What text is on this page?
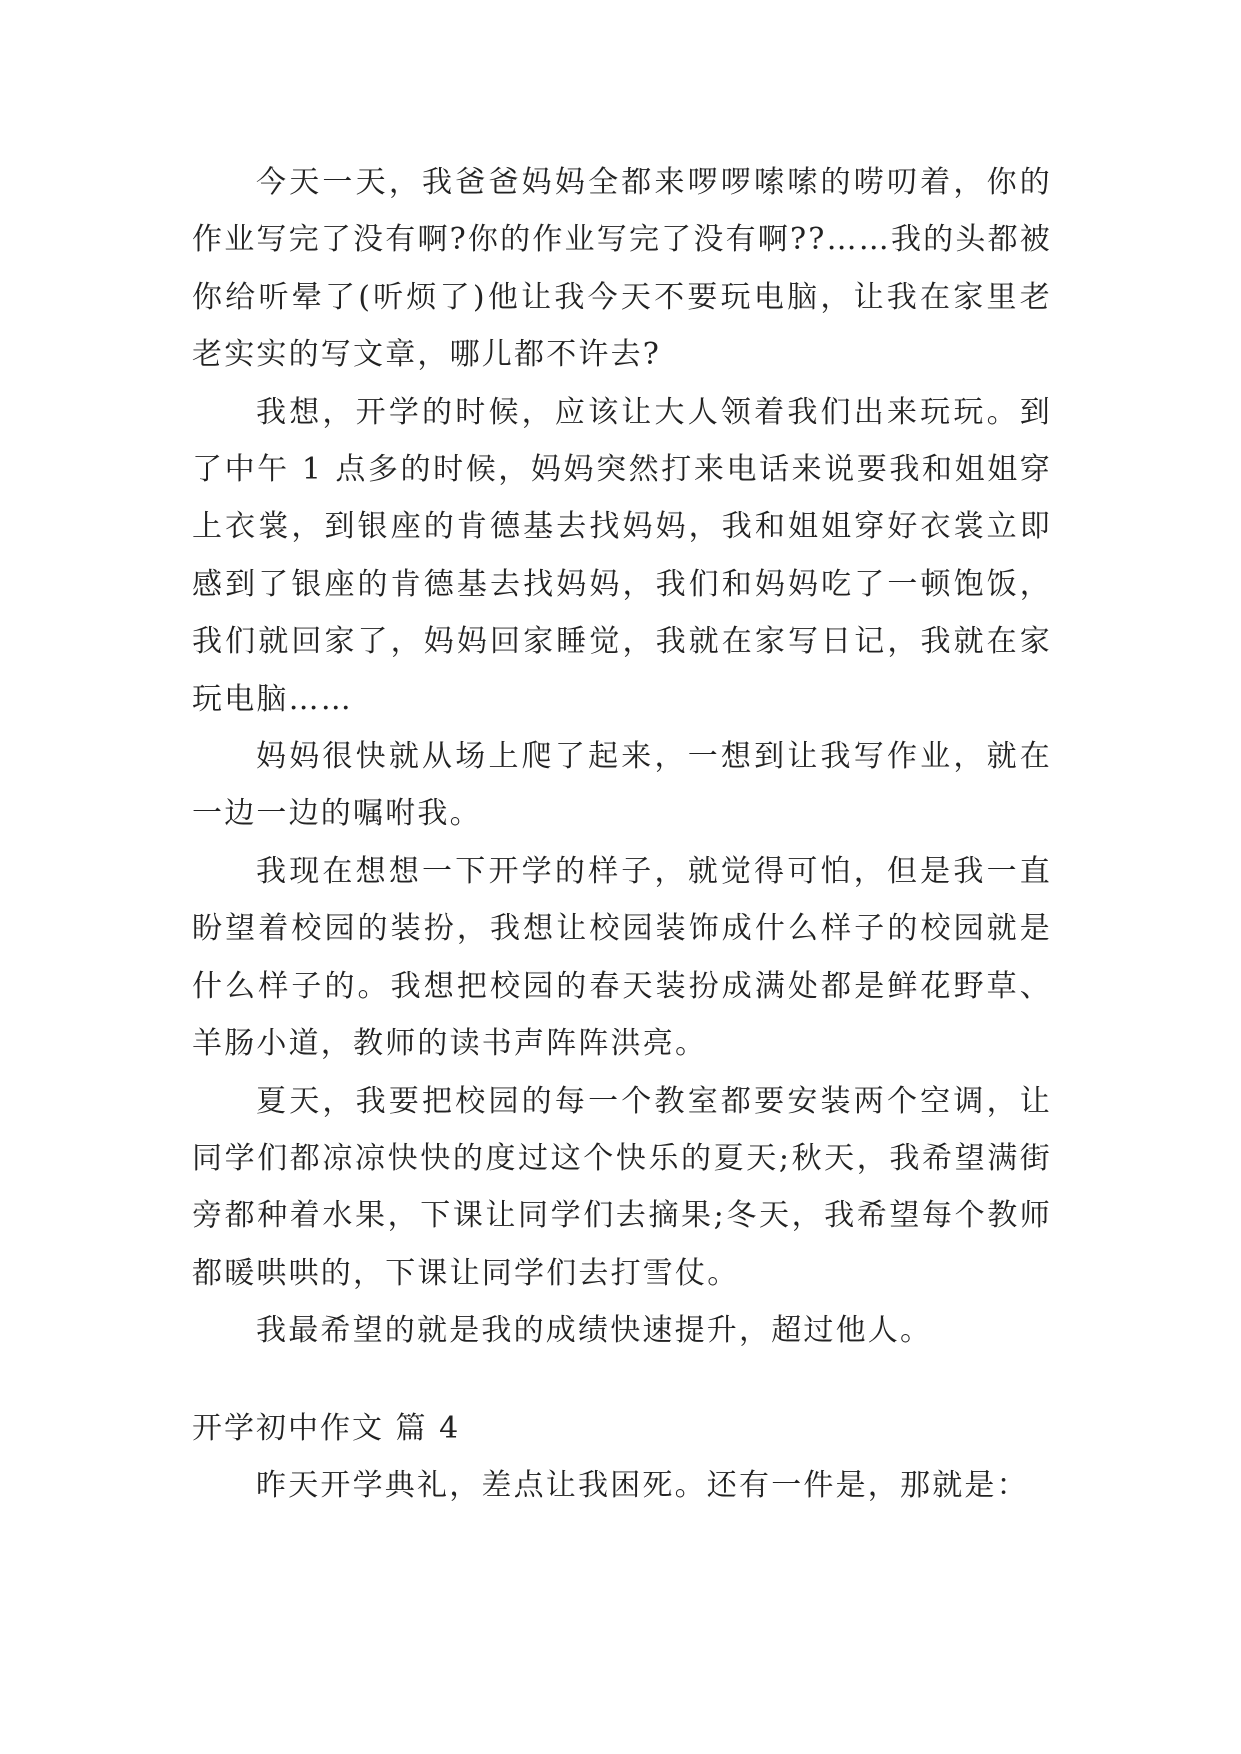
今天一天，我爸爸妈妈全都来啰啰嗦嗦的唠叨着，你的作业写完了没有啊?你的作业写完了没有啊??……我的头都被你给听晕了(听烦了)他让我今天不要玩电脑，让我在家里老老实实的写文章，哪儿都不许去?

我想，开学的时候，应该让大人领着我们出来玩玩。到了中午 1 点多的时候，妈妈突然打来电话来说要我和姐姐穿上衣裳，到银座的肯德基去找妈妈，我和姐姐穿好衣裳立即感到了银座的肯德基去找妈妈，我们和妈妈吃了一顿饱饭，我们就回家了，妈妈回家睡觉，我就在家写日记，我就在家玩电脑……

妈妈很快就从场上爬了起来，一想到让我写作业，就在一边一边的嘱咐我。

我现在想想一下开学的样子，就觉得可怕，但是我一直盼望着校园的装扮，我想让校园装饰成什么样子的校园就是什么样子的。我想把校园的春天装扮成满处都是鲜花野草、羊肠小道，教师的读书声阵阵洪亮。

夏天，我要把校园的每一个教室都要安装两个空调，让同学们都凉凉快快的度过这个快乐的夏天;秋天，我希望满街旁都种着水果，下课让同学们去摘果;冬天，我希望每个教师都暖哄哄的，下课让同学们去打雪仗。

我最希望的就是我的成绩快速提升，超过他人。

开学初中作文 篇 4

昨天开学典礼，差点让我困死。还有一件是，那就是：
